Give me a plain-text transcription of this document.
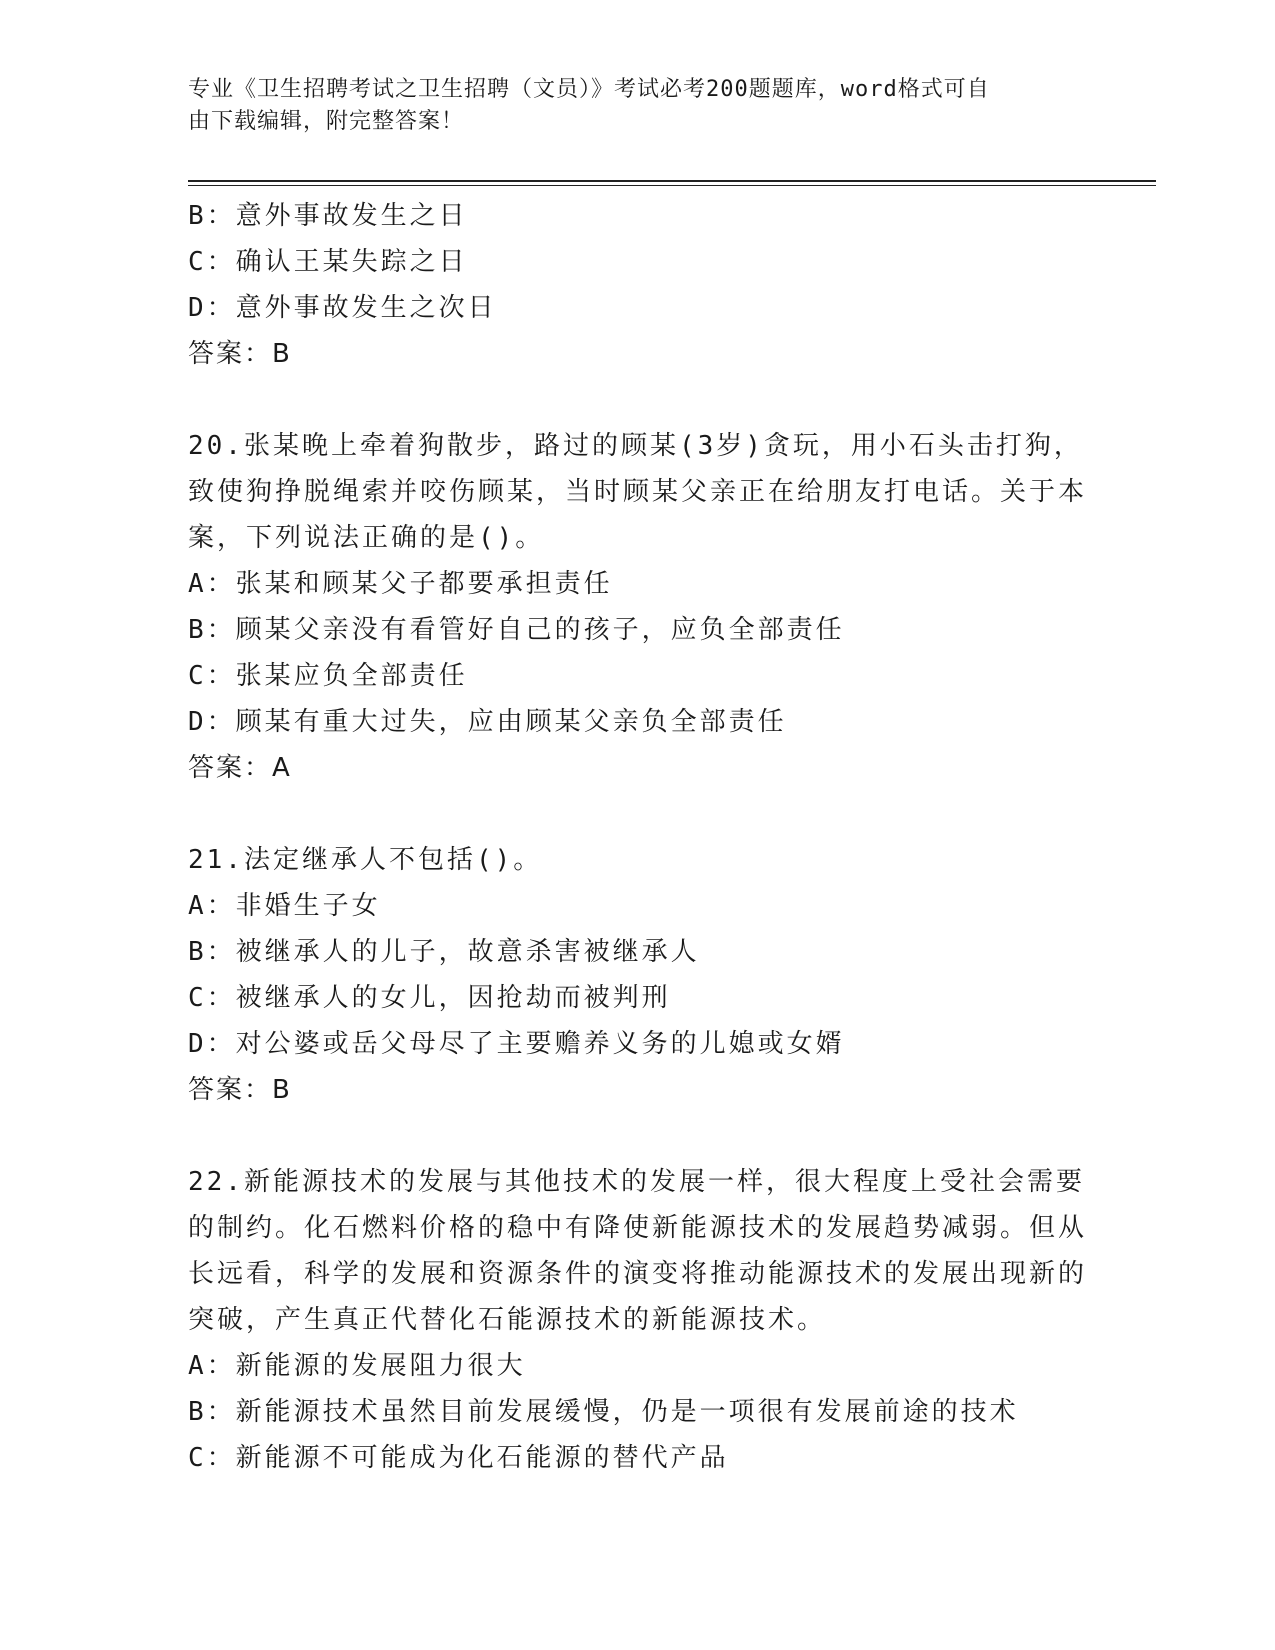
专业《卫生招聘考试之卫生招聘（文员）》考试必考200题题库，word格式可自
由下载编辑，附完整答案！

B：意外事故发生之日

C：确认王某失踪之日

D：意外事故发生之次日

答案：B

20.张某晚上牵着狗散步，路过的顾某(3岁)贪玩，用小石头击打狗，致使狗挣脱绳索并咬伤顾某，当时顾某父亲正在给朋友打电话。关于本案，下列说法正确的是()。

A：张某和顾某父子都要承担责任

B：顾某父亲没有看管好自己的孩子，应负全部责任

C：张某应负全部责任

D：顾某有重大过失，应由顾某父亲负全部责任

答案：A

21.法定继承人不包括()。

A：非婚生子女

B：被继承人的儿子，故意杀害被继承人

C：被继承人的女儿，因抢劫而被判刑

D：对公婆或岳父母尽了主要赡养义务的儿媳或女婿

答案：B

22.新能源技术的发展与其他技术的发展一样，很大程度上受社会需要的制约。化石燃料价格的稳中有降使新能源技术的发展趋势减弱。但从长远看，科学的发展和资源条件的演变将推动能源技术的发展出现新的突破，产生真正代替化石能源技术的新能源技术。

A：新能源的发展阻力很大

B：新能源技术虽然目前发展缓慢，仍是一项很有发展前途的技术

C：新能源不可能成为化石能源的替代产品
